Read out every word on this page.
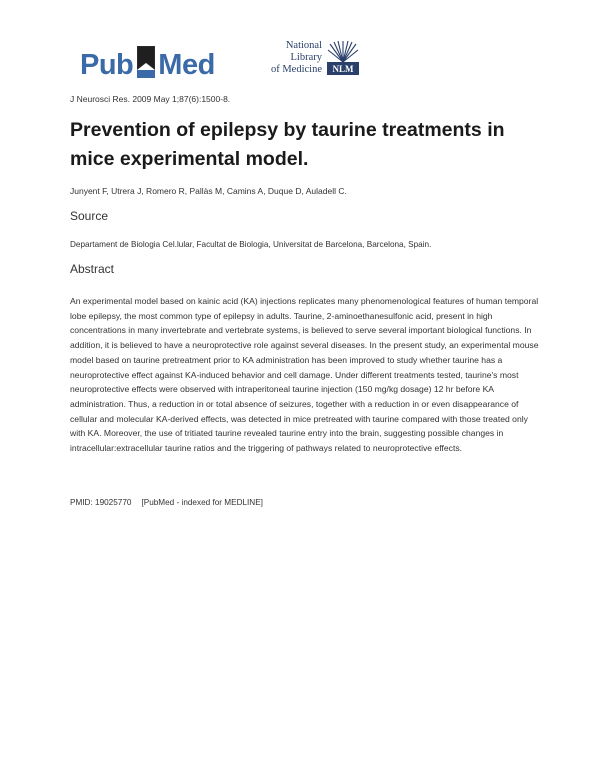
Pub Med
National
Library
of Medicine NLM
J Neurosci Res. 2009 May 1;87(6):1500-8.
Prevention of epilepsy by taurine treatments in mice experimental model.
Junyent F, Utrera J, Romero R, Pallàs M, Camins A, Duque D, Auladell C.
Source
Departament de Biologia Cel.lular, Facultat de Biologia, Universitat de Barcelona, Barcelona, Spain.
Abstract

An experimental model based on kainic acid (KA) injections replicates many phenomenological features of human temporal lobe epilepsy, the most common type of epilepsy in adults. Taurine, 2-aminoethanesulfonic acid, present in high concentrations in many invertebrate and vertebrate systems, is believed to serve several important biological functions. In addition, it is believed to have a neuroprotective role against several diseases. In the present study, an experimental mouse model based on taurine pretreatment prior to KA administration has been improved to study whether taurine has a neuroprotective effect against KA-induced behavior and cell damage. Under different treatments tested, taurine's most neuroprotective effects were observed with intraperitoneal taurine injection (150 mg/kg dosage) 12 hr before KA administration. Thus, a reduction in or total absence of seizures, together with a reduction in or even disappearance of cellular and molecular KA-derived effects, was detected in mice pretreated with taurine compared with those treated only with KA. Moreover, the use of tritiated taurine revealed taurine entry into the brain, suggesting possible changes in intracellular:extracellular taurine ratios and the triggering of pathways related to neuroprotective effects.

PMID: 19025770 [PubMed - indexed for MEDLINE]
